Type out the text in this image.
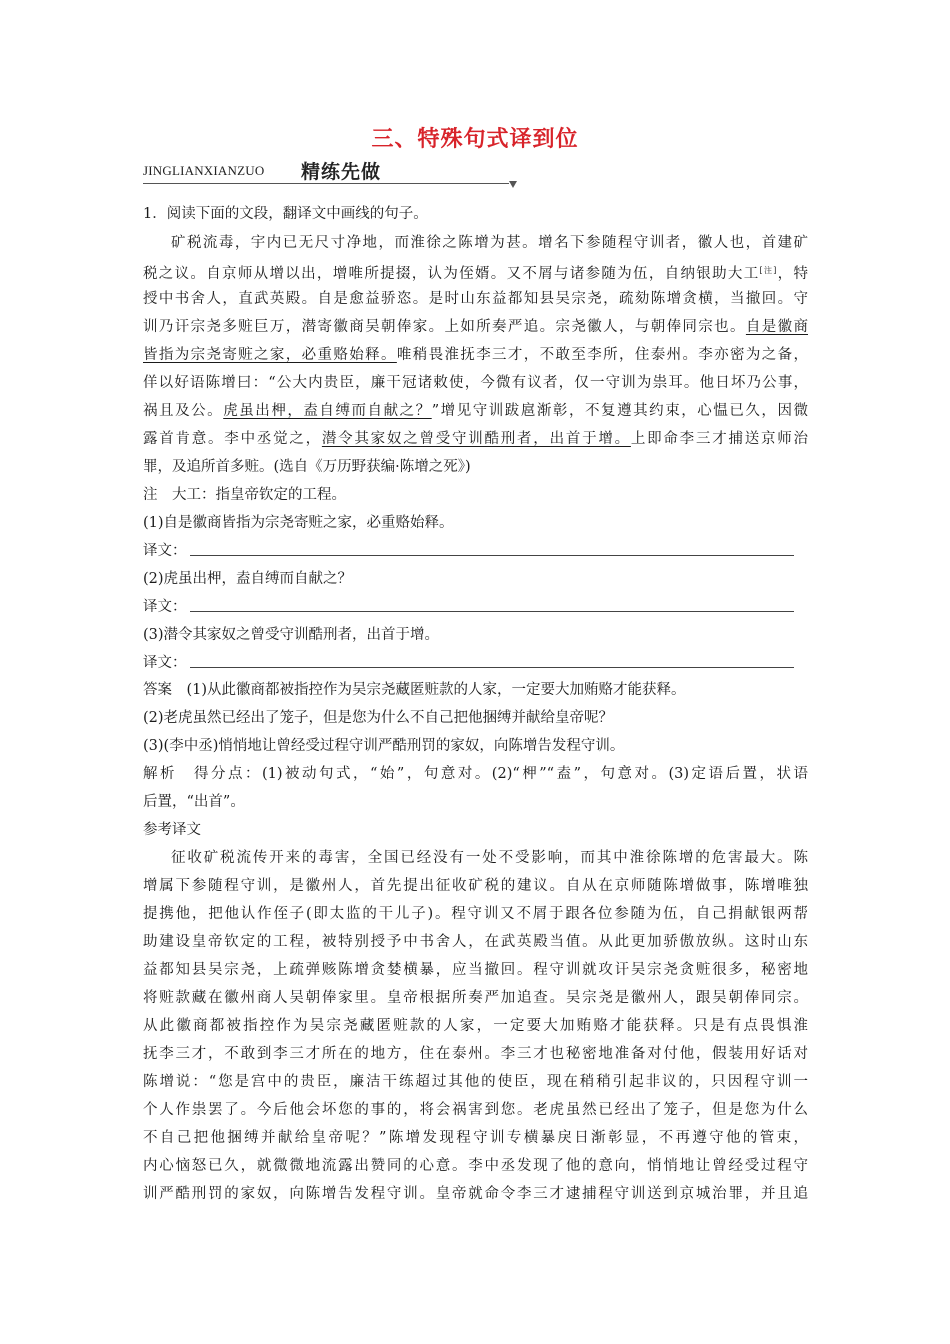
三、特殊句式译到位
JINGLIANXIANZUO 精练先做
1．阅读下面的文段，翻译文中画线的句子。
矿税流毒，宇内已无尺寸净地，而淮徐之陈增为甚。增名下参随程守训者，徽人也，首建矿
税之议。自京师从增以出，增唯所提掇，认为侄婿。又不屑与诸参随为伍，自纳银助大工[注]，特
授中书舍人，直武英殿。自是愈益骄恣。是时山东益都知县吴宗尧，疏劾陈增贪横，当撤回。守
训乃讦宗尧多赃巨万，潜寄徽商吴朝俸家。上如所奏严追。宗尧徽人，与朝俸同宗也。自是徽商
皆指为宗尧寄赃之家，必重赂始释。唯稍畏淮抚李三才，不敢至李所，住泰州。李亦密为之备，
佯以好语陈增曰：“公大内贵臣，廉干冠诸敕使，今微有议者，仅一守训为祟耳。他日坏乃公事，
祸且及公。虎虽出柙，盍自缚而自献之？”增见守训跋扈渐彰，不复遵其约束，心愠已久，因微
露首肯意。李中丞觉之，潜令其家奴之曾受守训酷刑者，出首于增。上即命李三才捕送京师治
罪，及追所首多赃。(选自《万历野获编·陈增之死》)
注　大工：指皇帝钦定的工程。
(1)自是徽商皆指为宗尧寄赃之家，必重赂始释。
译文：
(2)虎虽出柙，盍自缚而自献之？
译文：
(3)潜令其家奴之曾受守训酷刑者，出首于增。
译文：
答案　(1)从此徽商都被指控作为吴宗尧藏匿赃款的人家，一定要大加贿赂才能获释。
(2)老虎虽然已经出了笼子，但是您为什么不自己把他捆缚并献给皇帝呢？
(3)(李中丞)悄悄地让曾经受过程守训严酷刑罚的家奴，向陈增告发程守训。
解析　得分点：(1)被动句式，“始”，句意对。(2)“柙”“盍”，句意对。(3)定语后置，状语
后置，“出首”。
参考译文
征收矿税流传开来的毒害，全国已经没有一处不受影响，而其中淮徐陈增的危害最大。陈
增属下参随程守训，是徽州人，首先提出征收矿税的建议。自从在京师随陈增做事，陈增唯独
提携他，把他认作侄子(即太监的干儿子)。程守训又不屑于跟各位参随为伍，自己捐献银两帮
助建设皇帝钦定的工程，被特别授予中书舍人，在武英殿当值。从此更加骄傲放纵。这时山东
益都知县吴宗尧，上疏弹赅陈增贪婪横暴，应当撤回。程守训就攻讦吴宗尧贪赃很多，秘密地
将赃款藏在徽州商人吴朝俸家里。皇帝根据所奏严加追查。吴宗尧是徽州人，跟吴朝俸同宗。
从此徽商都被指控作为吴宗尧藏匿赃款的人家，一定要大加贿赂才能获释。只是有点畏惧淮
抚李三才，不敢到李三才所在的地方，住在泰州。李三才也秘密地准备对付他，假装用好话对
陈增说：“您是宫中的贵臣，廉洁干练超过其他的使臣，现在稍稍引起非议的，只因程守训一
个人作祟罢了。今后他会坏您的事的，将会祸害到您。老虎虽然已经出了笼子，但是您为什么
不自己把他捆缚并献给皇帝呢？”陈增发现程守训专横暴戾日渐彰显，不再遵守他的管束，
内心恼怒已久，就微微地流露出赞同的心意。李中丞发现了他的意向，悄悄地让曾经受过程守
训严酷刑罚的家奴，向陈增告发程守训。皇帝就命令李三才逮捕程守训送到京城治罪，并且追
